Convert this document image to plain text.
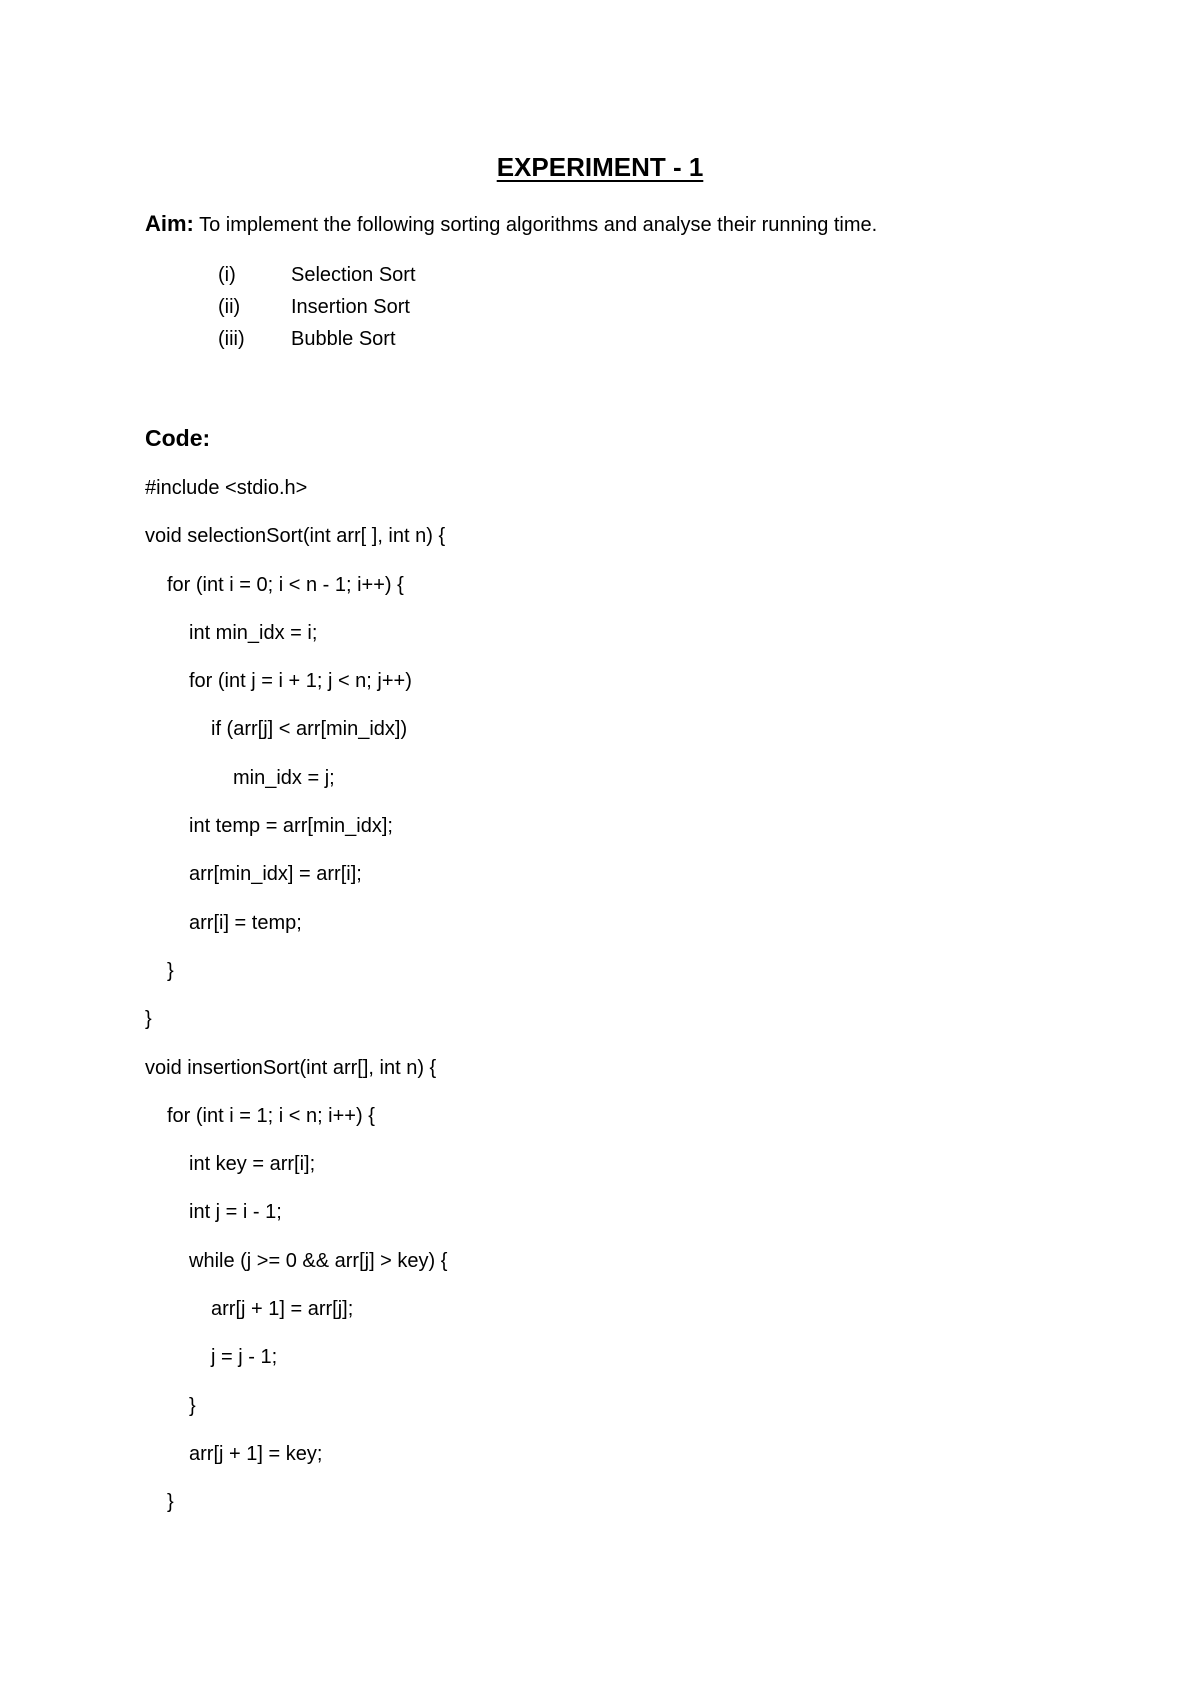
EXPERIMENT - 1
Aim: To implement the following sorting algorithms and analyse their running time.
(i)	Selection Sort
(ii)	Insertion Sort
(iii) Bubble Sort
Code:
#include <stdio.h>
void selectionSort(int arr[ ], int n) {
for (int i = 0; i < n - 1; i++) {
int min_idx = i;
for (int j = i + 1; j < n; j++)
if (arr[j] < arr[min_idx])
min_idx = j;
int temp = arr[min_idx];
arr[min_idx] = arr[i];
arr[i] = temp;
}
}
void insertionSort(int arr[], int n) {
for (int i = 1; i < n; i++) {
int key = arr[i];
int j = i - 1;
while (j >= 0 && arr[j] > key) {
arr[j + 1] = arr[j];
j = j - 1;
}
arr[j + 1] = key;
}
